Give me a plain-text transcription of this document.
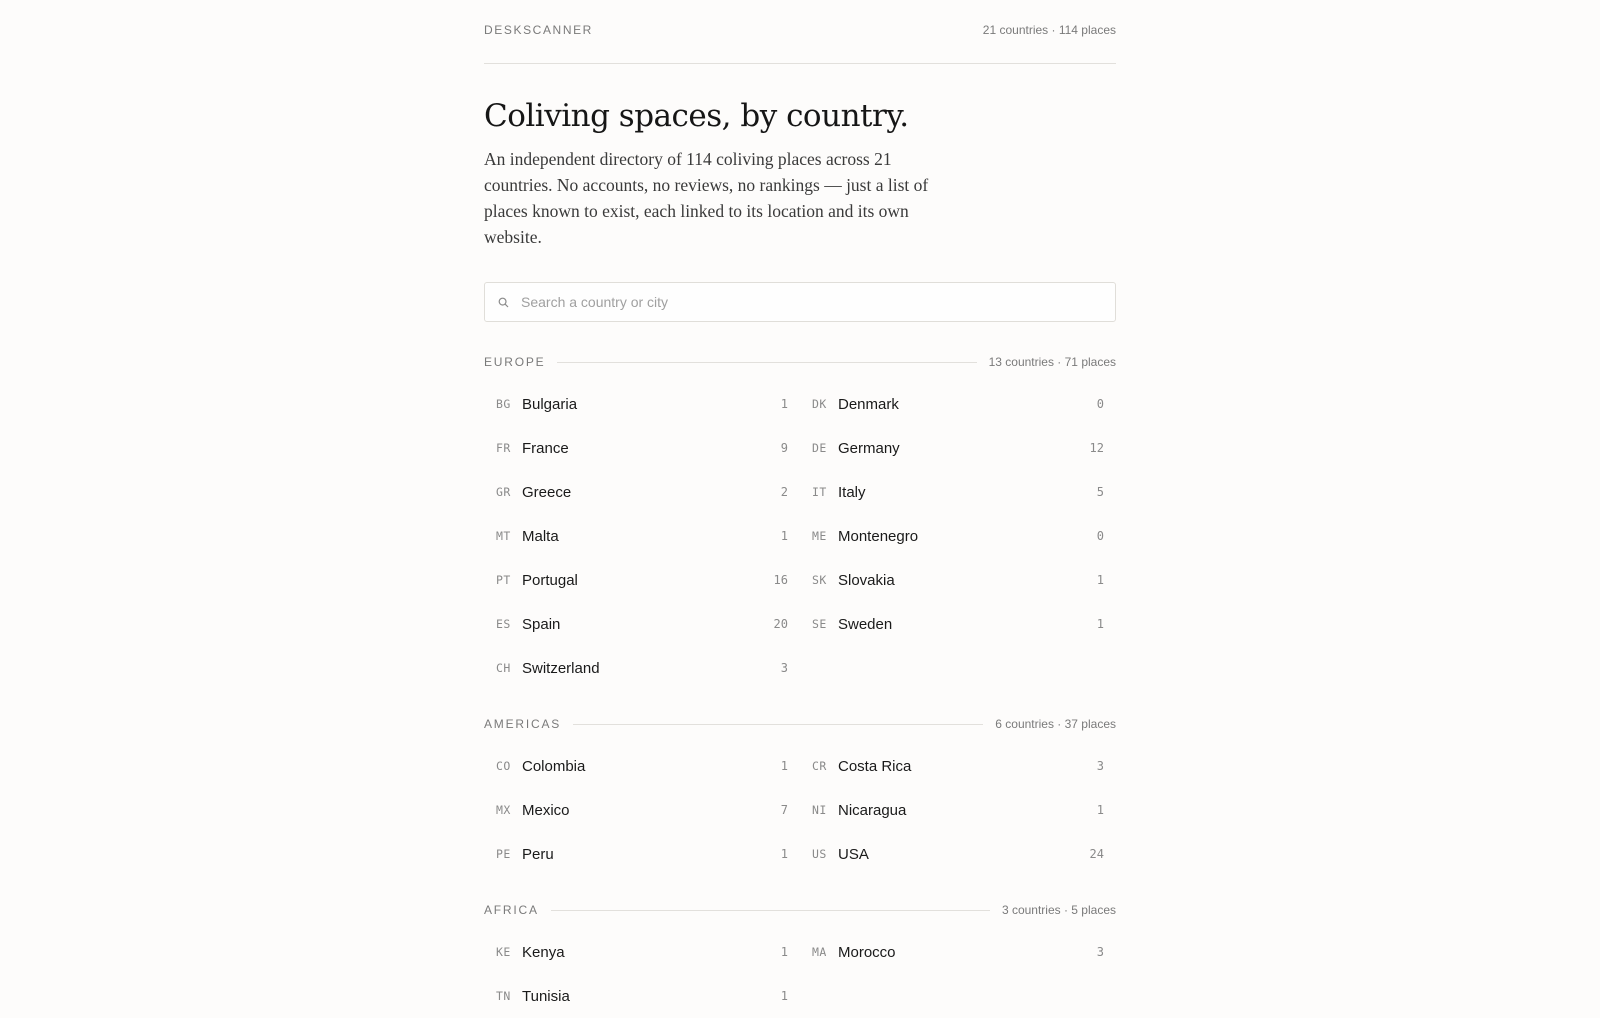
DESKSCANNER	21 countries · 114 places
Coliving spaces, by country.

An independent directory of 114 coliving places across 21 countries. No accounts, no reviews, no rankings — just a list of places known to exist, each linked to its location and its own website.

Search a country or city
EUROPE	13 countries · 71 places
BG Bulgaria	1 DK Denmark	0
FR France	9 DE Germany	12
GR Greece	2 IT Italy	5
MT Malta	1 ME Montenegro	0
PT Portugal	16 SK Slovakia	1
ES Spain	20 SE Sweden	1
CH Switzerland	3
AMERICAS	6 countries · 37 places
CO Colombia	1 CR Costa Rica	3
MX Mexico	7 NI Nicaragua	1
PE Peru	1 US USA	24
AFRICA	3 countries · 5 places
KE Kenya	1 MA Morocco	3
TN Tunisia	1
